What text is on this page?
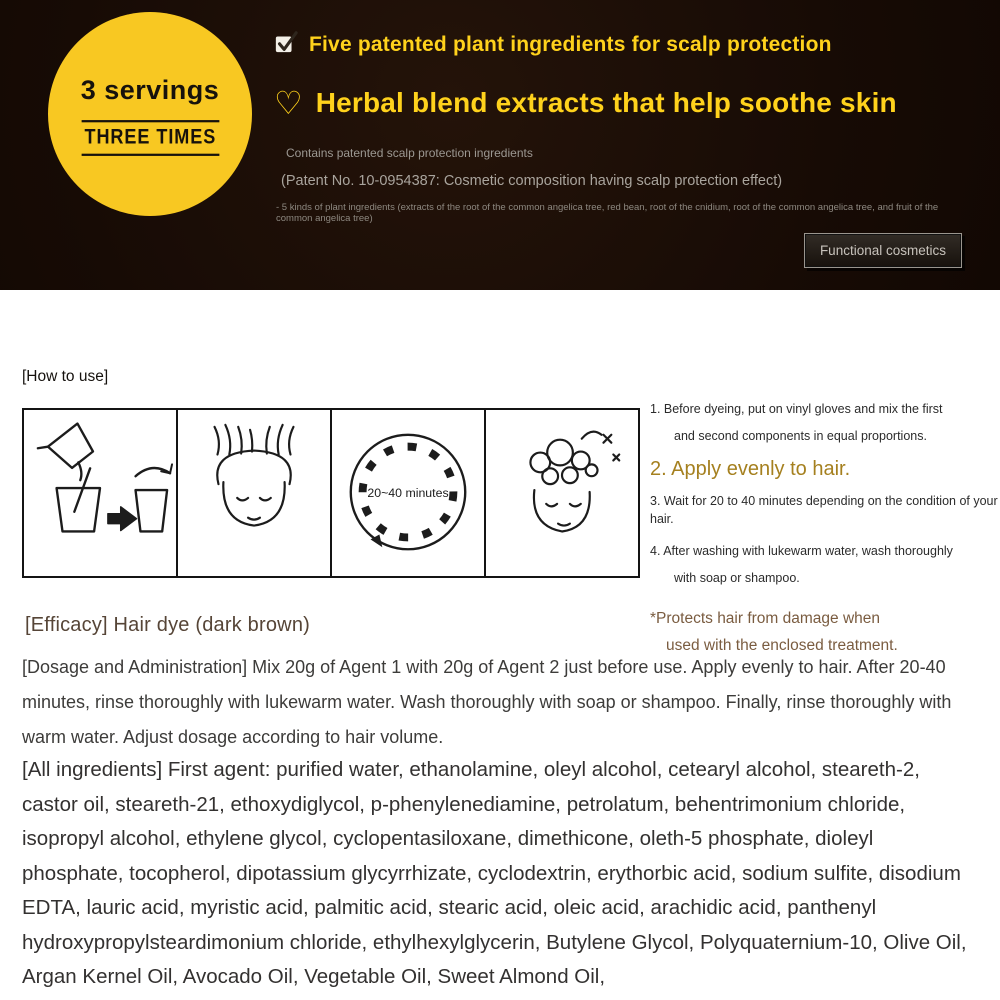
3 servings
THREE TIMES
Five patented plant ingredients for scalp protection
♡ Herbal blend extracts that help soothe skin
Contains patented scalp protection ingredients
(Patent No. 10-0954387: Cosmetic composition having scalp protection effect)
- 5 kinds of plant ingredients (extracts of the root of the common angelica tree, red bean, root of the cnidium, root of the common angelica tree, and fruit of the common angelica tree)
Functional cosmetics
[How to use]
20~40 minutes
1. Before dyeing, put on vinyl gloves and mix the first
and second components in equal proportions.
2. Apply evenly to hair.
3. Wait for 20 to 40 minutes depending on the condition of your hair.
4. After washing with lukewarm water, wash thoroughly
with soap or shampoo.
*Protects hair from damage when
used with the enclosed treatment.
[Efficacy] Hair dye (dark brown)
[Dosage and Administration] Mix 20g of Agent 1 with 20g of Agent 2 just before use. Apply evenly to hair. After 20-40 minutes, rinse thoroughly with lukewarm water. Wash thoroughly with soap or shampoo. Finally, rinse thoroughly with warm water. Adjust dosage according to hair volume.
[All ingredients] First agent: purified water, ethanolamine, oleyl alcohol, cetearyl alcohol, steareth-2, castor oil, steareth-21, ethoxydiglycol, p-phenylenediamine, petrolatum, behentrimonium chloride, isopropyl alcohol, ethylene glycol, cyclopentasiloxane, dimethicone, oleth-5 phosphate, dioleyl phosphate, tocopherol, dipotassium glycyrrhizate, cyclodextrin, erythorbic acid, sodium sulfite, disodium EDTA, lauric acid, myristic acid, palmitic acid, stearic acid, oleic acid, arachidic acid, panthenyl hydroxypropylsteardimonium chloride, ethylhexylglycerin, Butylene Glycol, Polyquaternium-10, Olive Oil, Argan Kernel Oil, Avocado Oil, Vegetable Oil, Sweet Almond Oil,
